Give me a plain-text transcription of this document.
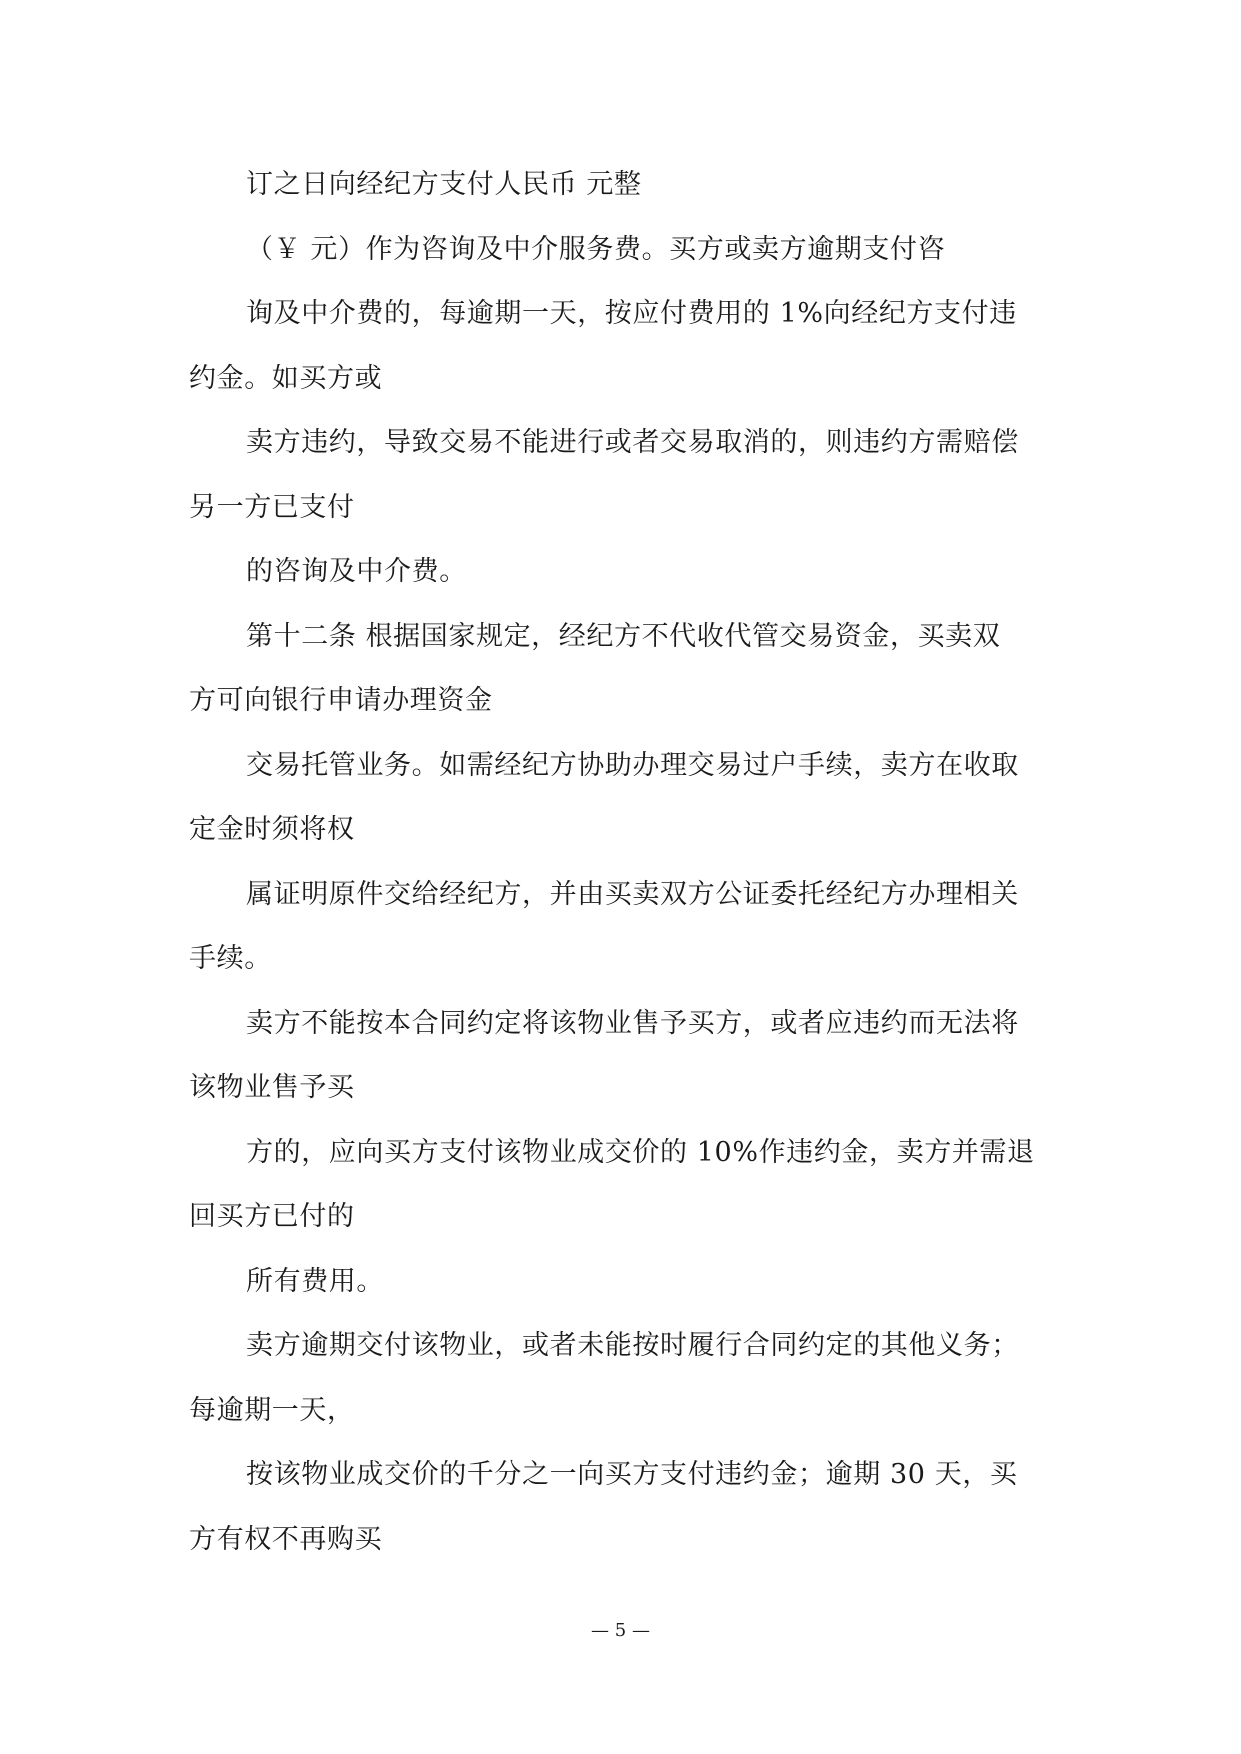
订之日向经纪方支付人民币 元整
（￥ 元）作为咨询及中介服务费。买方或卖方逾期支付咨
询及中介费的，每逾期一天，按应付费用的 1%向经纪方支付违
约金。如买方或
卖方违约，导致交易不能进行或者交易取消的，则违约方需赔偿
另一方已支付
的咨询及中介费。
第十二条 根据国家规定，经纪方不代收代管交易资金，买卖双
方可向银行申请办理资金
交易托管业务。如需经纪方协助办理交易过户手续，卖方在收取
定金时须将权
属证明原件交给经纪方，并由买卖双方公证委托经纪方办理相关
手续。
卖方不能按本合同约定将该物业售予买方，或者应违约而无法将
该物业售予买
方的，应向买方支付该物业成交价的 10%作违约金，卖方并需退
回买方已付的
所有费用。
卖方逾期交付该物业，或者未能按时履行合同约定的其他义务；
每逾期一天，
按该物业成交价的千分之一向买方支付违约金；逾期 30 天，买
方有权不再购买
— 5 —
